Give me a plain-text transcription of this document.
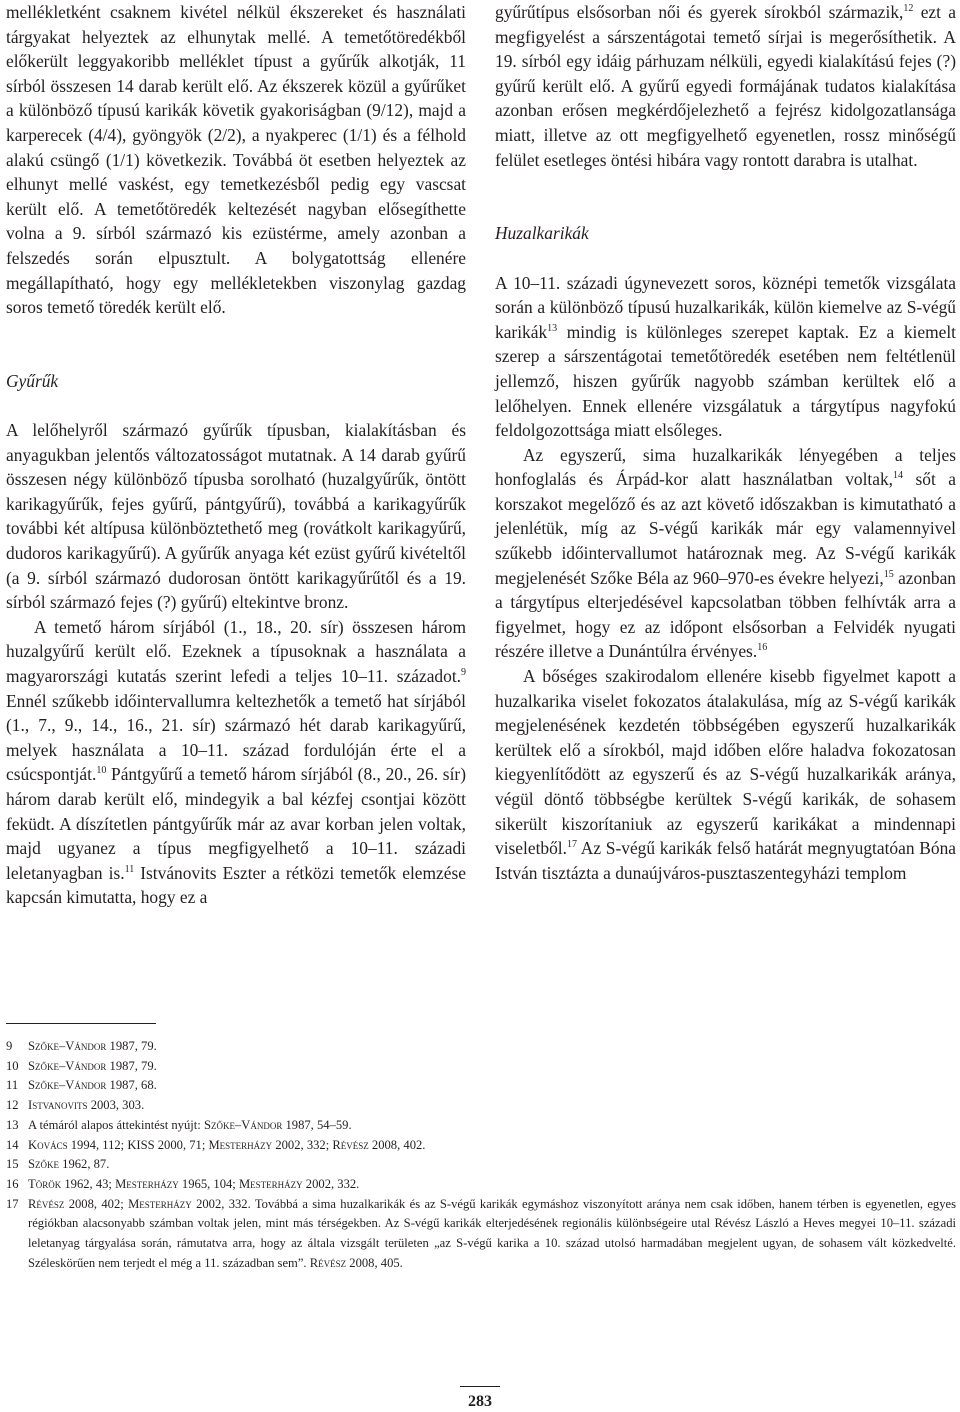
mellékletként csaknem kivétel nélkül ékszereket és használati tárgyakat helyeztek az elhunytak mellé. A temetőtöredékből előkerült leggyakoribb melléklet típust a gyűrűk alkotják, 11 sírból összesen 14 darab került elő. Az ékszerek közül a gyűrűket a különböző típusú karikák követik gyakoriságban (9/12), majd a karperecek (4/4), gyöngyök (2/2), a nyakperec (1/1) és a félhold alakú csüngő (1/1) következik. Továbbá öt esetben helyeztek az elhunyt mellé vaskést, egy temetkezésből pedig egy vascsat került elő. A temetőtöredék keltezését nagyban elősegíthette volna a 9. sírból származó kis ezüstérme, amely azonban a felszedés során elpusztult. A bolygatottság ellenére megállapítható, hogy egy mellékletekben viszonylag gazdag soros temető töredék került elő.

Gyűrűk

A lelőhelyről származó gyűrűk típusban, kialakításban és anyagukban jelentős változatosságot mutatnak. A 14 darab gyűrű összesen négy különböző típusba sorolható (huzalgyűrűk, öntött karikagyűrűk, fejes gyűrű, pántgyűrű), továbbá a karikagyűrűk további két altípusa különböztethető meg (rovátkolt karikagyűrű, dudoros karikagyűrű). A gyűrűk anyaga két ezüst gyűrű kivételtől (a 9. sírból származó dudorosan öntött karikagyűrűtől és a 19. sírból származó fejes (?) gyűrű) eltekintve bronz.

A temető három sírjából (1., 18., 20. sír) összesen három huzalgyűrű került elő. Ezeknek a típusoknak a használata a magyarországi kutatás szerint lefedi a teljes 10–11. századot.$^9$ Ennél szűkebb időintervallumra keltezhetők a temető hat sírjából (1., 7., 9., 14., 16., 21. sír) származó hét darab karikagyűrű, melyek használata a 10–11. század fordulóján érte el a csúcspontját.$^{10}$ Pántgyűrű a temető három sírjából (8., 20., 26. sír) három darab került elő, mindegyik a bal kézfej csontjai között feküdt. A díszítetlen pántgyűrűk már az avar korban jelen voltak, majd ugyanez a típus megfigyelhető a 10–11. századi leletanyagban is.$^{11}$ Istvánovits Eszter a rétközi temetők elemzése kapcsán kimutatta, hogy ez a

gyűrűtípus elsősorban női és gyerek sírokból származik,$^{12}$ ezt a megfigyelést a sárszentágotai temető sírjai is megerősíthetik. A 19. sírból egy idáig párhuzam nélküli, egyedi kialakítású fejes (?) gyűrű került elő. A gyűrű egyedi formájának tudatos kialakítása azonban erősen megkérdőjelezhető a fejrész kidolgozatlansága miatt, illetve az ott megfigyelhető egyenetlen, rossz minőségű felület esetleges öntési hibára vagy rontott darabra is utalhat.

Huzalkarikák

A 10–11. századi úgynevezett soros, köznépi temetők vizsgálata során a különböző típusú huzalkarikák, külön kiemelve az S-végű karikák$^{13}$ mindig is különleges szerepet kaptak. Ez a kiemelt szerep a sárszentágotai temetőtöredék esetében nem feltétlenül jellemző, hiszen gyűrűk nagyobb számban kerültek elő a lelőhelyen. Ennek ellenére vizsgálatuk a tárgytípus nagyfokú feldolgozottsága miatt elsőleges.

Az egyszerű, sima huzalkarikák lényegében a teljes honfoglalás és Árpád-kor alatt használatban voltak,$^{14}$ sőt a korszakot megelőző és az azt követő időszakban is kimutatható a jelenlétük, míg az S-végű karikák már egy valamennyivel szűkebb időintervallumot határoznak meg. Az S-végű karikák megjelenését Szőke Béla az 960–970-es évekre helyezi,$^{15}$ azonban a tárgytípus elterjedésével kapcsolatban többen felhívták arra a figyelmet, hogy ez az időpont elsősorban a Felvidék nyugati részére illetve a Dunántúlra érvényes.$^{16}$

A bőséges szakirodalom ellenére kisebb figyelmet kapott a huzalkarika viselet fokozatos átalakulása, míg az S-végű karikák megjelenésének kezdetén többségében egyszerű huzalkarikák kerültek elő a sírokból, majd időben előre haladva fokozatosan kiegyenlítődött az egyszerű és az S-végű huzalkarikák aránya, végül döntő többségbe kerültek S-végű karikák, de sohasem sikerült kiszorítaniuk az egyszerű karikákat a mindennapi viseletből.$^{17}$ Az S-végű karikák felső határát megnyugtatóan Bóna István tisztázta a dunaújváros-pusztaszentegyházi templom

9	Szőke–Vándor 1987, 79.
10 Szőke–Vándor 1987, 79.
11 Szőke–Vándor 1987, 68.
12 Istvanovits 2003, 303.
13 A témáról alapos áttekintést nyújt: Szőke–Vándor 1987, 54–59.
14 Kovács 1994, 112; KISS 2000, 71; Mesterházy 2002, 332; Révész 2008, 402.
15 Szőke 1962, 87.
16 Török 1962, 43; Mesterházy 1965, 104; Mesterházy 2002, 332.
17 Révész 2008, 402; Mesterházy 2002, 332. Továbbá a sima huzalkarikák és az S-végű karikák egymáshoz viszonyított aránya nem csak időben, hanem térben is egyenetlen, egyes régiókban alacsonyabb számban voltak jelen, mint más térségekben. Az S-végű karikák elterjedésének regionális különbségeire utal Révész László a Heves megyei 10–11. századi leletanyag tárgyalása során, rámutatva arra, hogy az általa vizsgált területen „az S-végű karika a 10. század utolsó harmadában megjelent ugyan, de sohasem vált közkedvelté. Széleskörűen nem terjedt el még a 11. században sem”. Révész 2008, 405.
283
